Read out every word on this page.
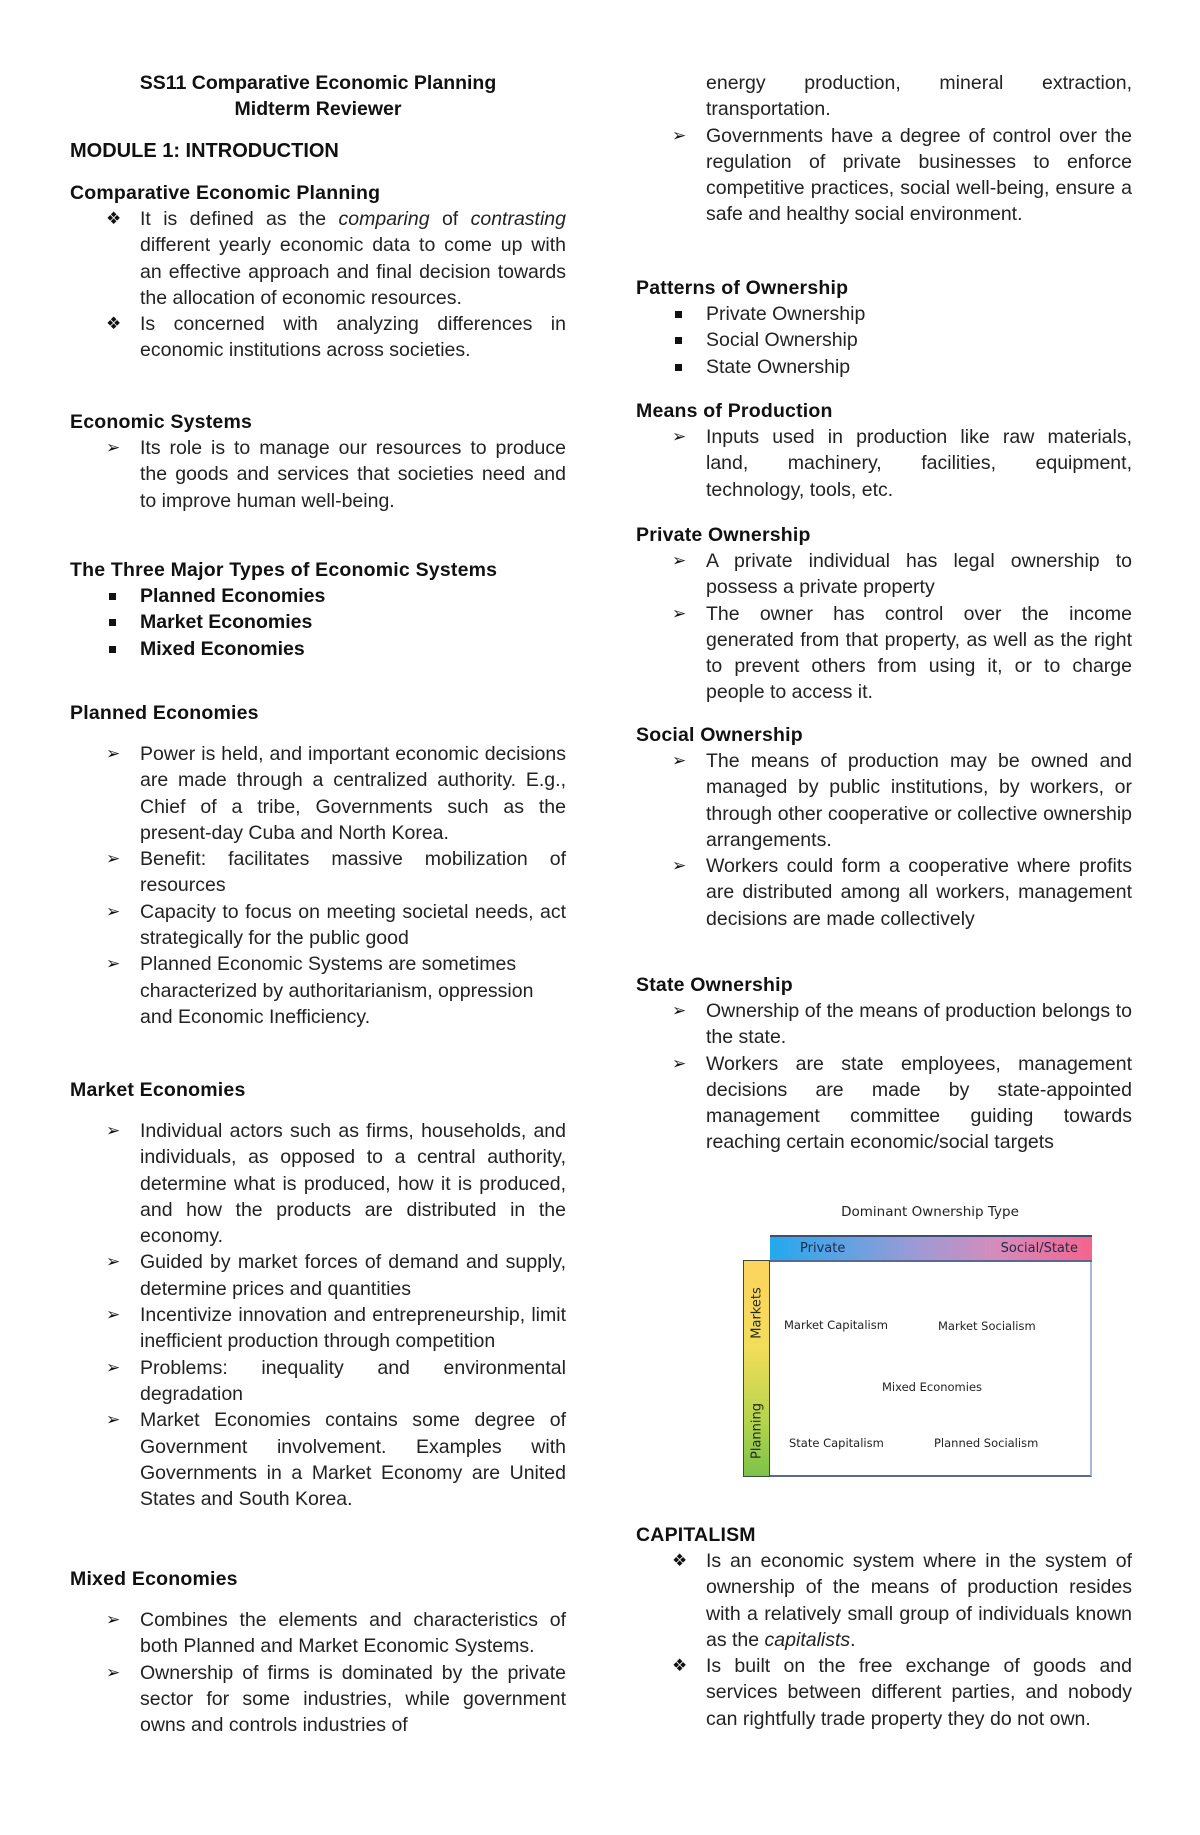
SS11 Comparative Economic Planning
Midterm Reviewer
MODULE 1: INTRODUCTION
Comparative Economic Planning
❖ It is defined as the comparing of contrasting different yearly economic data to come up with an effective approach and final decision towards the allocation of economic resources.
❖ Is concerned with analyzing differences in economic institutions across societies.
Economic Systems
➢ Its role is to manage our resources to produce the goods and services that societies need and to improve human well-being.
The Three Major Types of Economic Systems
Planned Economies
Market Economies
Mixed Economies
Planned Economies
➢ Power is held, and important economic decisions are made through a centralized authority. E.g., Chief of a tribe, Governments such as the present-day Cuba and North Korea.
➢ Benefit: facilitates massive mobilization of resources
➢ Capacity to focus on meeting societal needs, act strategically for the public good
➢ Planned Economic Systems are sometimes characterized by authoritarianism, oppression and Economic Inefficiency.
Market Economies
➢ Individual actors such as firms, households, and individuals, as opposed to a central authority, determine what is produced, how it is produced, and how the products are distributed in the economy.
➢ Guided by market forces of demand and supply, determine prices and quantities
➢ Incentivize innovation and entrepreneurship, limit inefficient production through competition
➢ Problems: inequality and environmental degradation
➢ Market Economies contains some degree of Government involvement. Examples with Governments in a Market Economy are United States and South Korea.
Mixed Economies
➢ Combines the elements and characteristics of both Planned and Market Economic Systems.
➢ Ownership of firms is dominated by the private sector for some industries, while government owns and controls industries of
energy production, mineral extraction, transportation.
➢ Governments have a degree of control over the regulation of private businesses to enforce competitive practices, social well-being, ensure a safe and healthy social environment.
Patterns of Ownership
Private Ownership
Social Ownership
State Ownership
Means of Production
➢ Inputs used in production like raw materials, land, machinery, facilities, equipment, technology, tools, etc.
Private Ownership
➢ A private individual has legal ownership to possess a private property
➢ The owner has control over the income generated from that property, as well as the right to prevent others from using it, or to charge people to access it.
Social Ownership
➢ The means of production may be owned and managed by public institutions, by workers, or through other cooperative or collective ownership arrangements.
➢ Workers could form a cooperative where profits are distributed among all workers, management decisions are made collectively
State Ownership
➢ Ownership of the means of production belongs to the state.
➢ Workers are state employees, management decisions are made by state-appointed management committee guiding towards reaching certain economic/social targets
CAPITALISM
❖ Is an economic system where in the system of ownership of the means of production resides with a relatively small group of individuals known as the capitalists.
❖ Is built on the free exchange of goods and services between different parties, and nobody can rightfully trade property they do not own.
Dominant Ownership Type
Private	Social/State
Markets
Planning
Market Capitalism	Market Socialism
Mixed Economies
State Capitalism	Planned Socialism
